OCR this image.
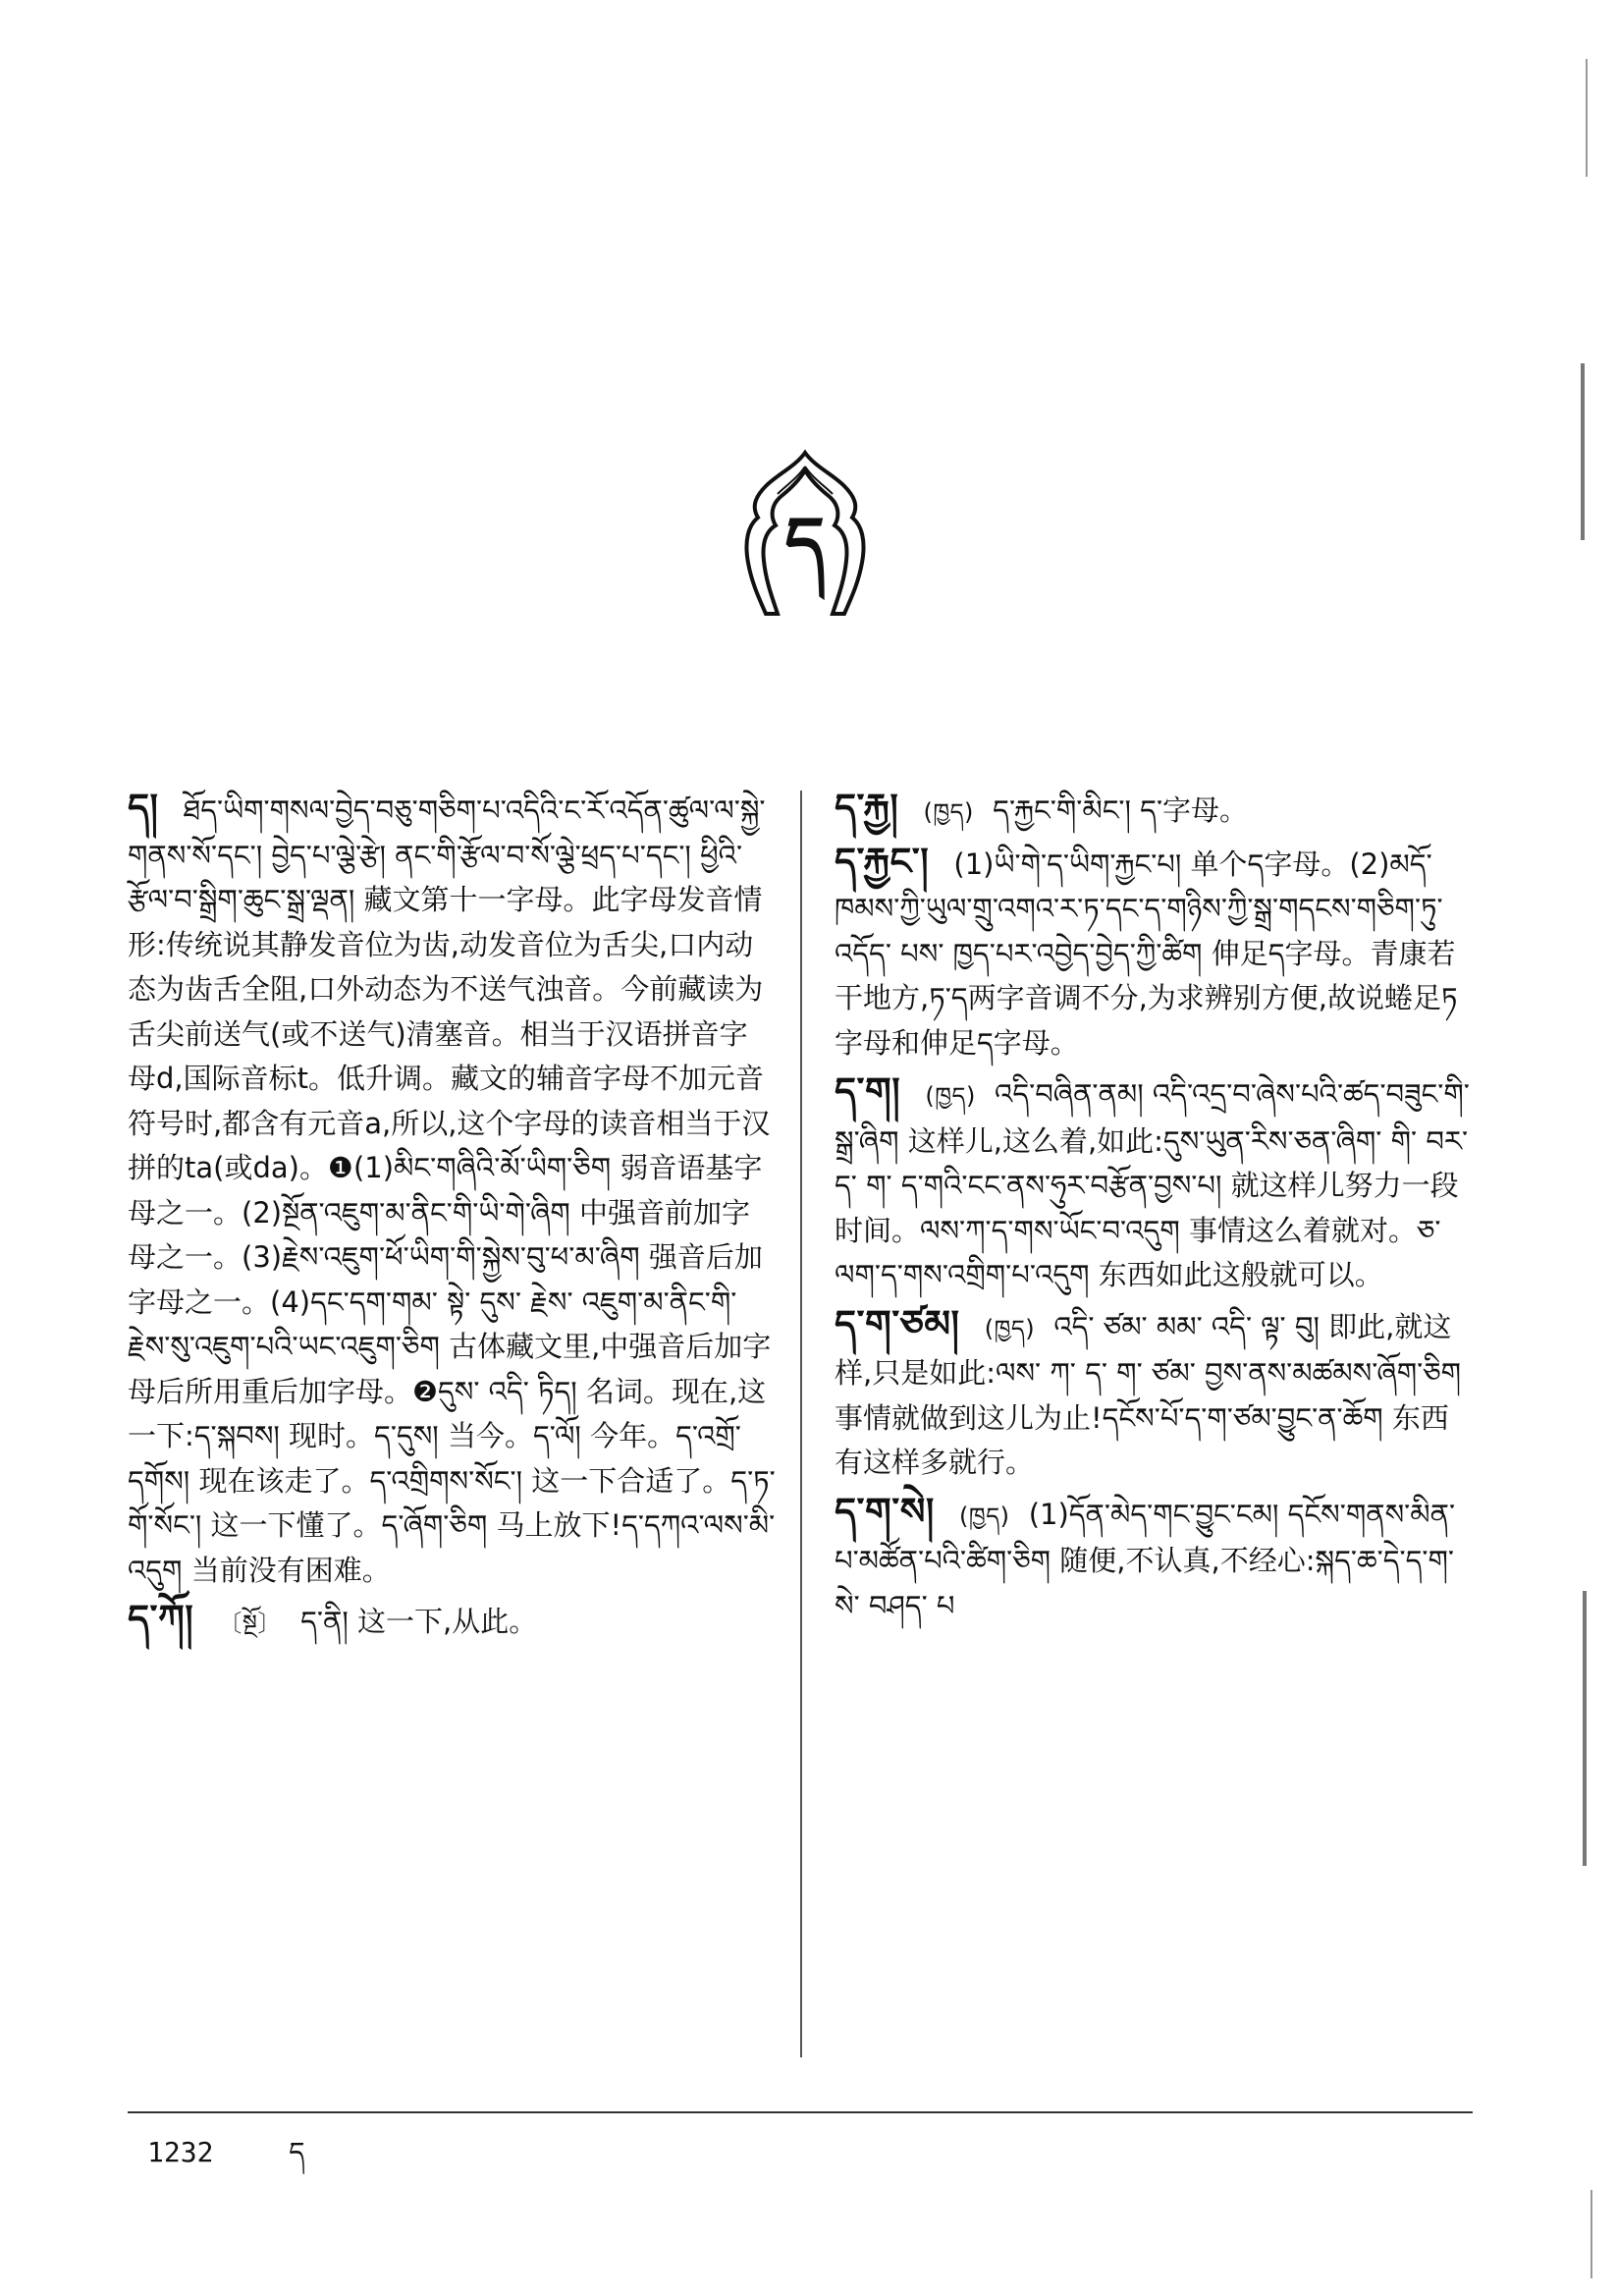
ད
ད། ཐོད་ཡིག་གསལ་བྱེད་བཅུ་གཅིག་པ་འདིའི་ང་རོ་འདོན་ཚུལ་ལ་སྐྱེ་གནས་སོ་དང་། བྱེད་པ་ལྕེ་རྩེ། ནང་གི་རྩོལ་བ་སོ་ལྕེ་ཕྲད་པ་དང་། ཕྱིའི་རྩོལ་བ་སྒྲིག་ཆུང་སྒྲ་ལྡན། 藏文第十一字母。此字母发音情形:传统说其静发音位为齿,动发音位为舌尖,口内动态为齿舌全阻,口外动态为不送气浊音。今前藏读为舌尖前送气(或不送气)清塞音。相当于汉语拼音字母d,国际音标t。低升调。藏文的辅音字母不加元音符号时,都含有元音a,所以,这个字母的读音相当于汉拼的ta(或da)。❶(1)མིང་གཞིའི་མོ་ཡིག་ཅིག 弱音语基字母之一。(2)སྔོན་འཇུག་མ་ནིང་གི་ཡི་གེ་ཞིག 中强音前加字母之一。(3)རྗེས་འཇུག་ཕོ་ཡིག་གི་སྐྱེས་བུ་ཕ་མ་ཞིག 强音后加字母之一。(4)དང་དག་གམ་ སྟེ་ དུས་ རྗེས་ འཇུག་མ་ནིང་གི་རྗེས་སུ་འཇུག་པའི་ཡང་འཇུག་ཅིག 古体藏文里,中强音后加字母后所用重后加字母。❷དུས་ འདི་ ཏིད། 名词。现在,这一下:ད་སྐབས། 现时。ད་དུས། 当今。ད་ལོ། 今年。ད་འགྲོ་དགོས། 现在该走了。ད་འགྲིགས་སོང་། 这一下合适了。ད་ཏ་གོ་སོང་། 这一下懂了。ད་ཞོག་ཅིག 马上放下!ད་དཀའ་ལས་མི་འདུག 当前没有困难。
ད་ཀོ། 〔སྔོ〕 ད་ནི། 这一下,从此。
ད་རྐྱ། (ཁྱད) ད་རྐྱང་གི་མིང་། ད་字母。
ད་རྐྱང་། (1)ཡི་གེ་ད་ཡིག་རྐྱང་པ། 单个ད字母。(2)མདོ་ཁམས་ཀྱི་ཡུལ་གྲུ་འགའ་ར་ཏ་དང་ད་གཉིས་ཀྱི་སྒྲ་གདངས་གཅིག་ཏུ་ འདོད་ པས་ ཁྱད་པར་འབྱེད་བྱེད་ཀྱི་ཚིག 伸足ད字母。青康若干地方,ཏ་ད两字音调不分,为求辨别方便,故说蜷足ཏ字母和伸足ད字母。
ད་ག། (ཁྱད) འདི་བཞིན་ནམ། འདི་འདྲ་བ་ཞེས་པའི་ཚད་བཟུང་གི་སྒྲ་ཞིག 这样儿,这么着,如此:དུས་ཡུན་རིས་ཅན་ཞིག་ གི་ བར་ ད་ ག་ ད་གའི་ངང་ནས་ཧུར་བརྩོན་བྱས་པ། 就这样儿努力一段时间。ལས་ཀ་ད་གས་ཡོང་བ་འདུག 事情这么着就对。ཅ་ལག་ད་གས་འགྲིག་པ་འདུག 东西如此这般就可以。
ད་ག་ཙམ། (ཁྱད) འདི་ ཙམ་ མམ་ འདི་ ལྟ་ བུ། 即此,就这样,只是如此:ལས་ ཀ་ ད་ ག་ ཙམ་ བྱས་ནས་མཚམས་ཞོག་ཅིག 事情就做到这儿为止!དངོས་པོ་ད་ག་ཙམ་བྱུང་ན་ཆོག 东西有这样多就行。
ད་ག་སེ། (ཁྱད) (1)དོན་མེད་གང་བྱུང་ངམ། དངོས་གནས་མིན་པ་མཚོན་པའི་ཚིག་ཅིག 随便,不认真,不经心:སྐད་ཆ་དེ་ད་ག་སེ་ བཤད་ པ
1232	ད
